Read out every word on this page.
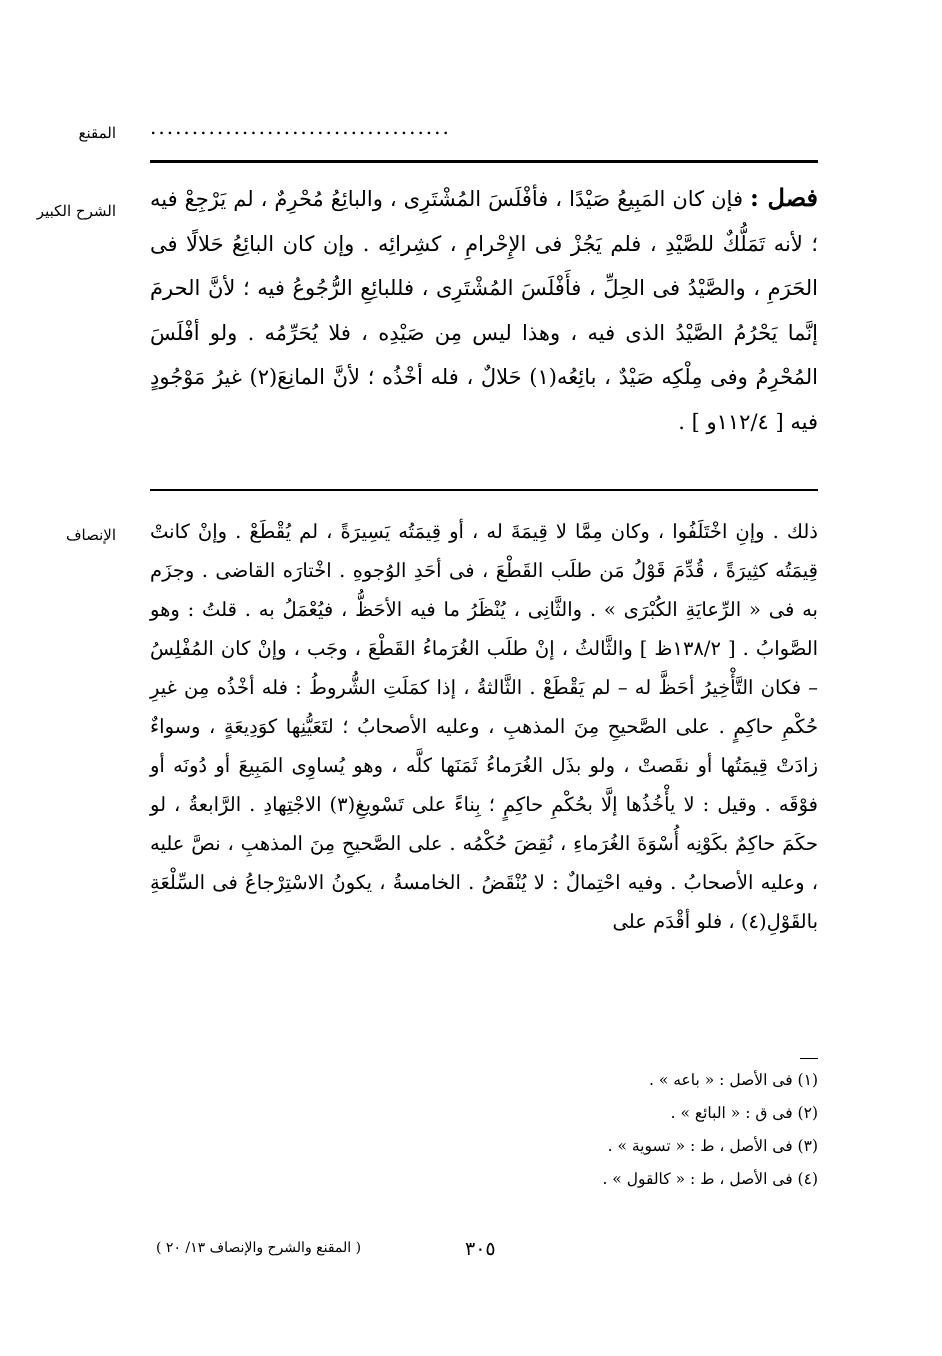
المقنع ....................................
الشرح الكبير	فصل : فإن كان المَبِيعُ صَيْدًا ، فأفْلَسَ المُشْتَرِى ، والبائِعُ مُحْرِمٌ ، لم يَرْجِعْ فيه ؛ لأنه تَمَلُّكٌ للصَّيْدِ ، فلم يَجُزْ فى الإِحْرامِ ، كشِرائِه . وإن كان البائِعُ حَلالًا فى الحَرَمِ ، والصَّيْدُ فى الحِلِّ ، فأَفْلَسَ المُشْتَرِى ، فللبائِعِ الرُّجُوعُ فيه ؛ لأنَّ الحرمَ إنَّما يَحْرُمُ الصَّيْدُ الذى فيه ، وهذا ليس مِن صَيْدِه ، فلا يُحَرِّمُه . ولو أفْلَسَ المُحْرِمُ وفى مِلْكِه صَيْدٌ ، بائِعُه(١) حَلالٌ ، فله أخْذُه ؛ لأنَّ المانِعَ(٢) غيرُ مَوْجُودٍ فيه [ ١١٢/٤و ] .

الإنصاف ذلك . وإنِ اخْتَلَفُوا ، وكان مِمَّا لا قِيمَةَ له ، أو قِيمَتُه يَسِيرَةً ، لم يُقْطَعْ . وإنْ كانتْ قِيمَتُه كثِيرَةً ، قُدِّمَ قَوْلُ مَن طلَب القَطْعَ ، فى أحَدِ الوُجوهِ . اخْتارَه القاضى . وجزَم به فى « الرِّعايَةِ الكُبْرَى » . والثَّانِى ، يُنْظَرُ ما فيه الأحَظُّ ، فيُعْمَلُ به . قلتُ : وهو الصَّوابُ . [ ١٣٨/٢ظ ] والثَّالثُ ، إنْ طلَب الغُرَماءُ القَطْعَ ، وجَب ، وإنْ كان المُفْلِسُ – فكان التَّأْخِيرُ أحَظَّ له – لم يَقْطَعْ . الثَّالثةُ ، إذا كمَلَتِ الشُّروطُ : فله أخْذُه مِن غيرِ حُكْمِ حاكِمٍ . على الصَّحيحِ مِنَ المذهبِ ، وعليه الأصحابُ ؛ لتَعَيُّنِها كوَدِيعَةٍ ، وسواءٌ زادَتْ قِيمَتُها أو نقَصتْ ، ولو بذَل الغُرَماءُ ثَمَنَها كلَّه ، وهو يُساوِى المَبِيعَ أو دُونَه أو فوْقَه . وقيل : لا يأْخُذُها إلَّا بحُكْمِ حاكِمٍ ؛ بِناءً على تَسْويغِ(٣) الاجْتِهادِ . الرَّابعةُ ، لو حكَمَ حاكِمٌ بكَوْنِه أُسْوَةَ الغُرَماءِ ، نُقِضَ حُكْمُه . على الصَّحيحِ مِنَ المذهبِ ، نصَّ عليه ، وعليه الأصحابُ . وفيه احْتِمالٌ : لا يُنْقَضُ . الخامسةُ ، يكونُ الاسْتِرْجاعُ فى السِّلْعَةِ بالقَوْلِ(٤) ، فلو أقْدَم على

(١) فى الأصل : « باعه » .
(٢) فى ق : « البائع » .
(٣) فى الأصل ، ط : « تسوية » .
(٤) فى الأصل ، ط : « كالقول » .
٣٠٥
( المقنع والشرح والإنصاف ١٣/ ٢٠ )
